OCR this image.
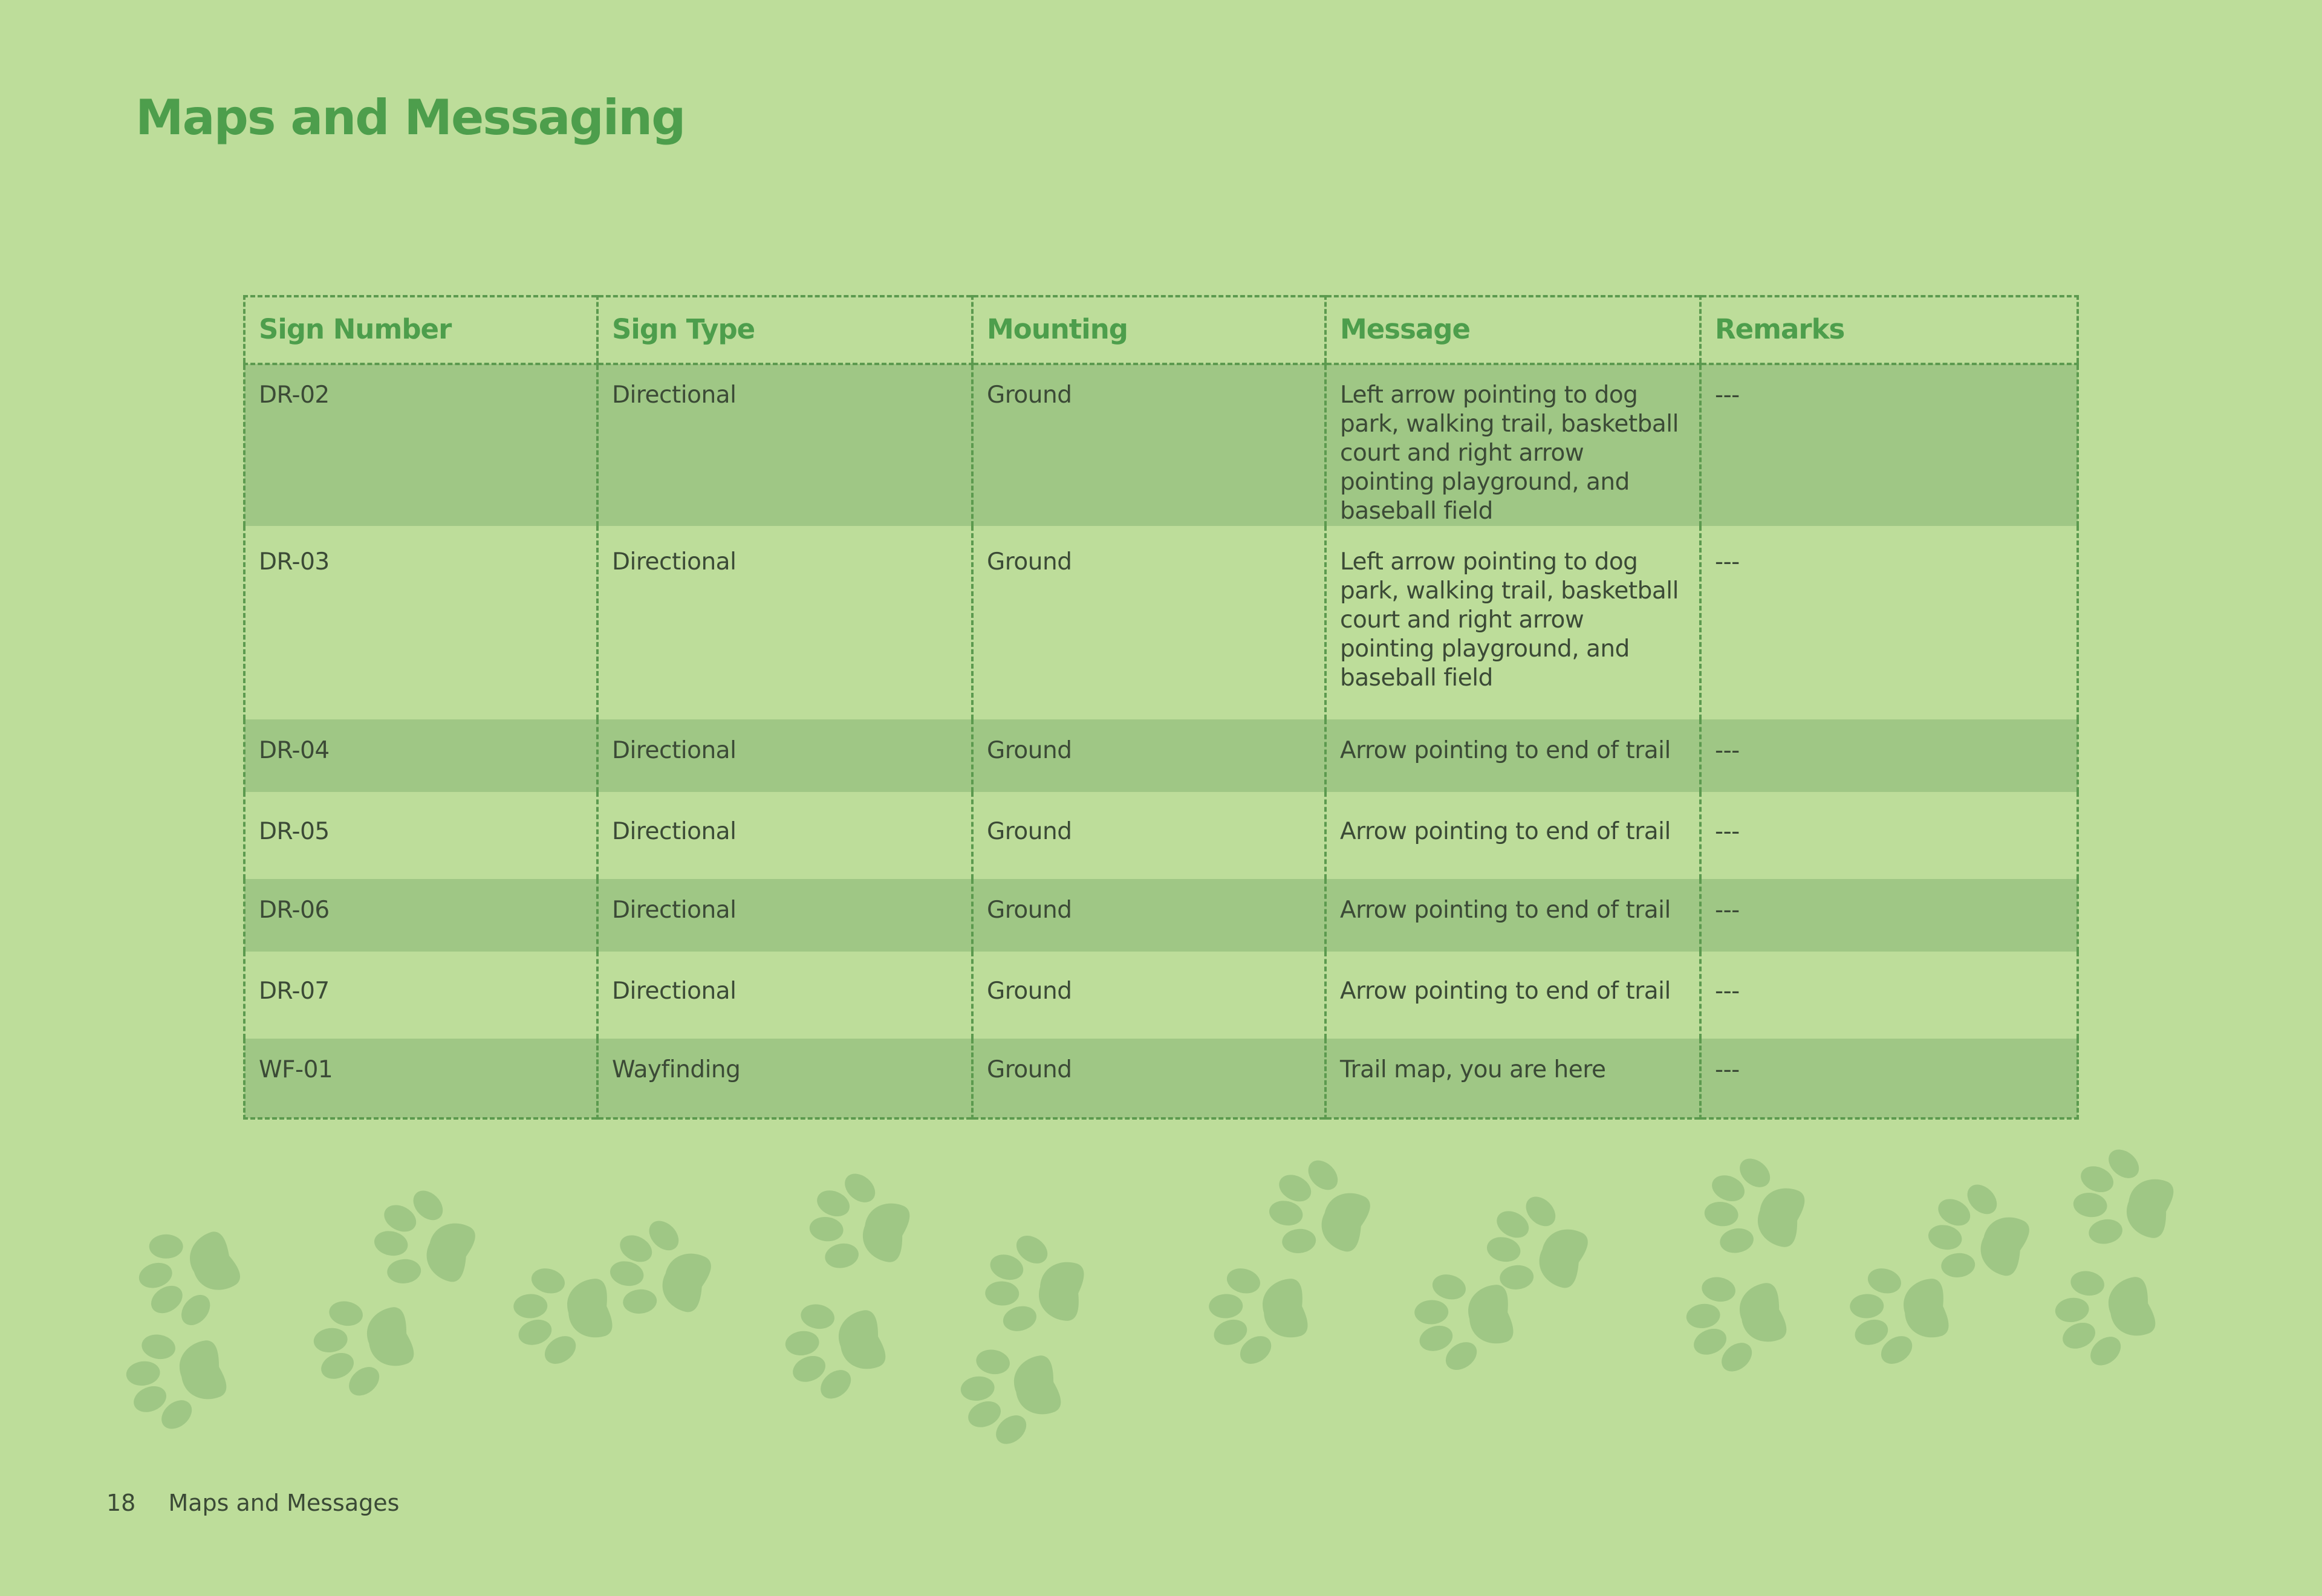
Maps and Messaging
Sign Number	Sign Type	Mounting	Message	Remarks
DR-02	Directional	Ground	Left arrow pointing to dog park, walking trail, basketball court and right arrow pointing playground, and baseball field	---
DR-03	Directional	Ground	Left arrow pointing to dog park, walking trail, basketball court and right arrow pointing playground, and baseball field	---
DR-04	Directional	Ground	Arrow pointing to end of trail	---
DR-05	Directional	Ground	Arrow pointing to end of trail	---
DR-06	Directional	Ground	Arrow pointing to end of trail	---
DR-07	Directional	Ground	Arrow pointing to end of trail	---
WF-01	Wayfinding	Ground	Trail map, you are here	---
18 Maps and Messages
